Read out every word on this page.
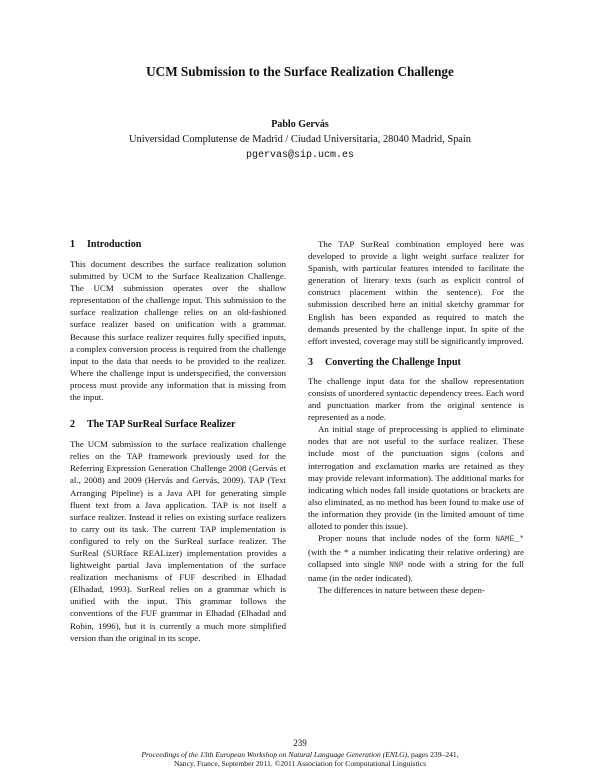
UCM Submission to the Surface Realization Challenge
Pablo Gervás
Universidad Complutense de Madrid / Ciudad Universitaria, 28040 Madrid, Spain
pgervas@sip.ucm.es
1 Introduction

This document describes the surface realization solution submitted by UCM to the Surface Realization Challenge. The UCM submission operates over the shallow representation of the challenge input. This submission to the surface realization challenge relies on an old-fashioned surface realizer based on unification with a grammar. Because this surface realizer requires fully specified inputs, a complex conversion process is required from the challenge input to the data that needs to be provided to the realizer. Where the challenge input is underspecified, the conversion process must provide any information that is missing from the input.

2 The TAP SurReal Surface Realizer

The UCM submission to the surface realization challenge relies on the TAP framework previously used for the Referring Expression Generation Challenge 2008 (Gervás et al., 2008) and 2009 (Hervás and Gervás, 2009). TAP (Text Arranging Pipeline) is a Java API for generating simple fluent text from a Java application. TAP is not itself a surface realizer. Instead it relies on existing surface realizers to carry out its task. The current TAP implementation is configured to rely on the SurReal surface realizer. The SurReal (SURface REALizer) implementation provides a lightweight partial Java implementation of the surface realization mechanisms of FUF described in Elhadad (Elhadad, 1993). SurReal relies on a grammar which is unified with the input. This grammar follows the conventions of the FUF grammar in Elhadad (Elhadad and Robin, 1996), but it is currently a much more simplified version than the original in its scope.

The TAP SurReal combination employed here was developed to provide a light weight surface realizer for Spanish, with particular features intended to facilitate the generation of literary texts (such as explicit control of construct placement within the sentence). For the submission described here an initial sketchy grammar for English has been expanded as required to match the demands presented by the challenge input. In spite of the effort invested, coverage may still be significantly improved.

3 Converting the Challenge Input

The challenge input data for the shallow representation consists of unordered syntactic dependency trees. Each word and punctuation marker from the original sentence is represented as a node.

An initial stage of preprocessing is applied to eliminate nodes that are not useful to the surface realizer. These include most of the punctuation signs (colons and interrogation and exclamation marks are retained as they may provide relevant information). The additional marks for indicating which nodes fall inside quotations or brackets are also eliminated, as no method has been found to make use of the information they provide (in the limited amount of time alloted to ponder this issue).

Proper nouns that include nodes of the form NAME_* (with the * a number indicating their relative ordering) are collapsed into single NNP node with a string for the full name (in the order indicated).

The differences in nature between these depen-

239
Proceedings of the 13th European Workshop on Natural Language Generation (ENLG), pages 239–241,
Nancy, France, September 2011. ©2011 Association for Computational Linguistics
